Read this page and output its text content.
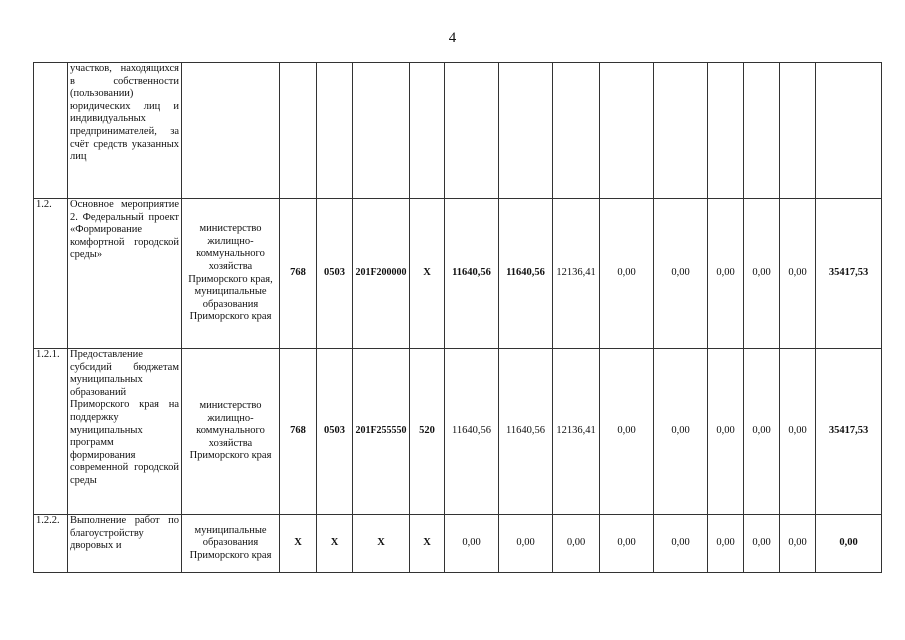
4
	участков, находящихся в собственности (пользовании) юридических лиц и индивидуальных предпринимателей, за счёт средств указанных лиц														
1.2.	Основное мероприятие 2. Федеральный проект «Формирование комфортной городской среды»	министерство жилищно-коммунального хозяйства Приморского края, муниципальные образования Приморского края	768	0503	201F200000	Х	11640,56	11640,56	12136,41	0,00	0,00	0,00	0,00	0,00	35417,53
1.2.1.	Предоставление субсидий бюджетам муниципальных образований Приморского края на поддержку муниципальных программ формирования современной городской среды	министерство жилищно-коммунального хозяйства Приморского края	768	0503	201F255550	520	11640,56	11640,56	12136,41	0,00	0,00	0,00	0,00	0,00	35417,53
1.2.2.	Выполнение работ по благоустройству дворовых и	муниципальные образования Приморского края	Х	Х	Х	Х	0,00	0,00	0,00	0,00	0,00	0,00	0,00	0,00	0,00
